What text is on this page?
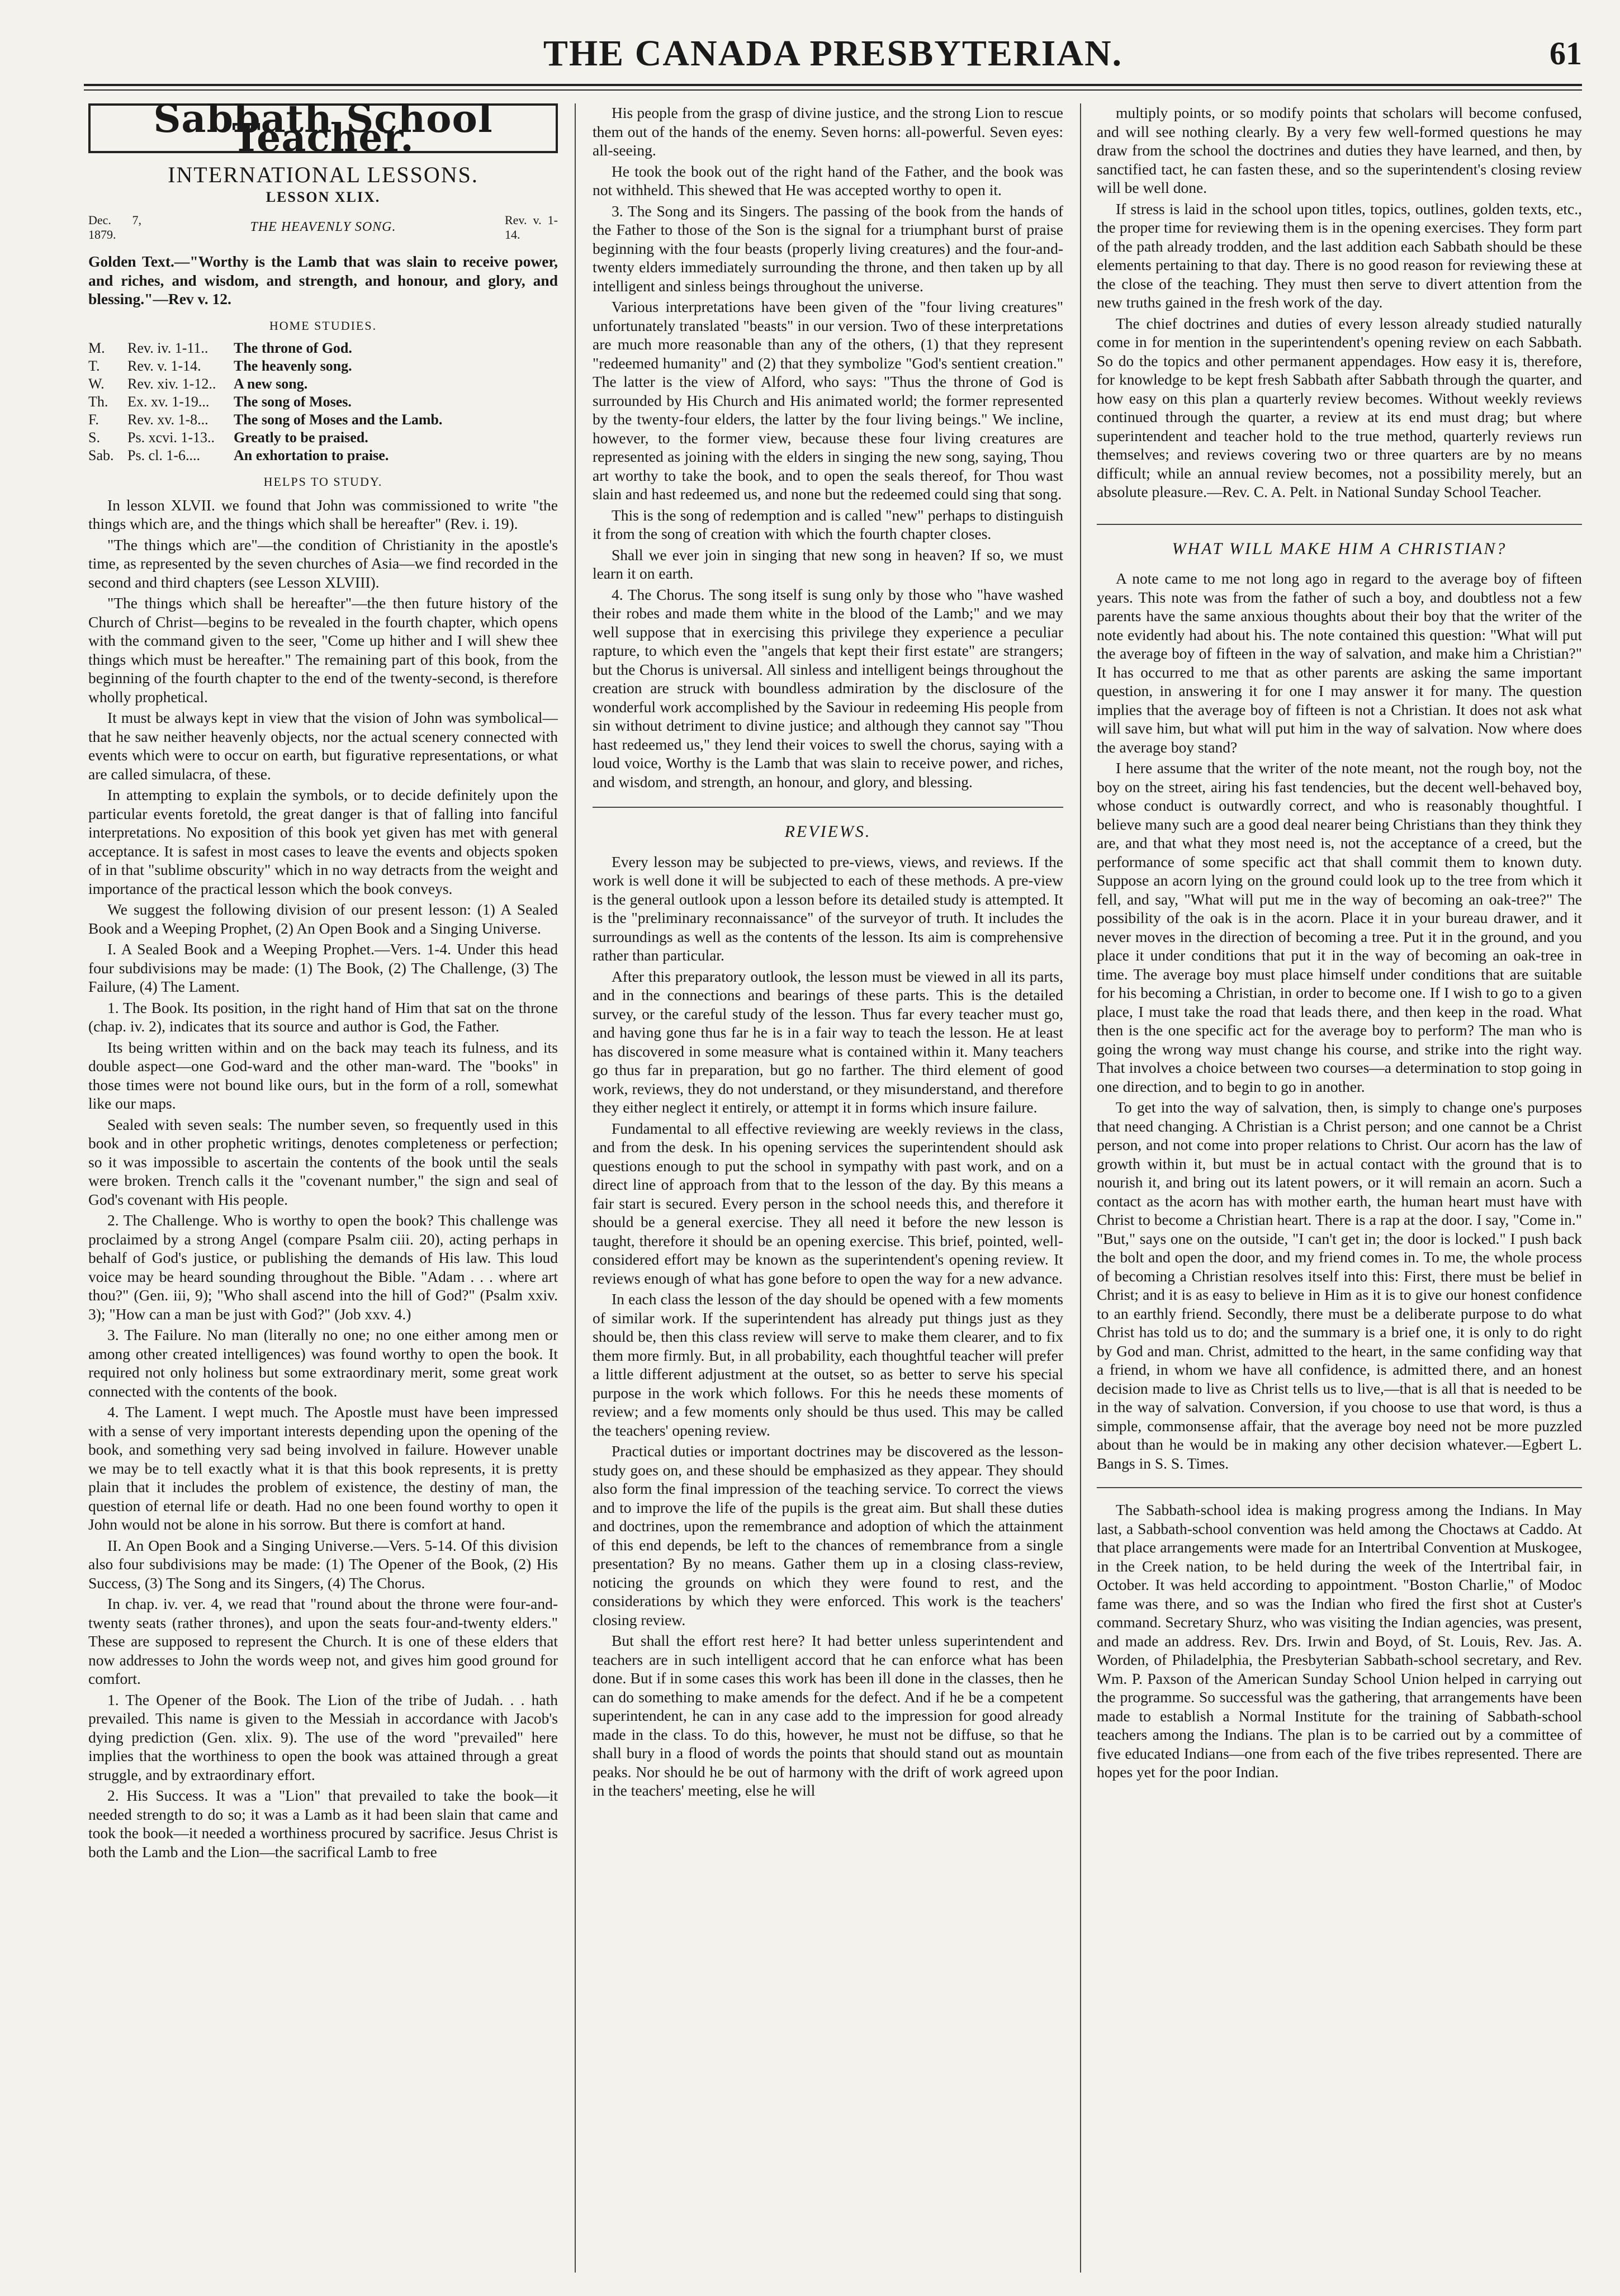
THE CANADA PRESBYTERIAN.	61
Sabbath School Teacher.
INTERNATIONAL LESSONS.
LESSON XLIX.
Dec. 7, 1879.
THE HEAVENLY SONG.	Rev. v. 1-14.

Golden Text.—"Worthy is the Lamb that was slain to receive power, and riches, and wisdom, and strength, and honour, and glory, and blessing."—Rev v. 12.

HOME STUDIES.
M.	Rev. iv. 1-11..	The throne of God.
T.	Rev. v. 1-14.	The heavenly song.
W.	Rev. xiv. 1-12..	A new song.
Th.	Ex. xv. 1-19...	The song of Moses.
F.	Rev. xv. 1-8...	The song of Moses and the Lamb.
S.	Ps. xcvi. 1-13..	Greatly to be praised.
Sab.	Ps. cl. 1-6....	An exhortation to praise.
HELPS TO STUDY.

In lesson XLVII. we found that John was commissioned to write "the things which are, and the things which shall be hereafter" (Rev. i. 19).

"The things which are"—the condition of Christianity in the apostle's time, as represented by the seven churches of Asia—we find recorded in the second and third chapters (see Lesson XLVIII).

"The things which shall be hereafter"—the then future history of the Church of Christ—begins to be revealed in the fourth chapter, which opens with the command given to the seer, "Come up hither and I will shew thee things which must be hereafter." The remaining part of this book, from the beginning of the fourth chapter to the end of the twenty-second, is therefore wholly prophetical.

It must be always kept in view that the vision of John was symbolical—that he saw neither heavenly objects, nor the actual scenery connected with events which were to occur on earth, but figurative representations, or what are called simulacra, of these.

In attempting to explain the symbols, or to decide definitely upon the particular events foretold, the great danger is that of falling into fanciful interpretations. No exposition of this book yet given has met with general acceptance. It is safest in most cases to leave the events and objects spoken of in that "sublime obscurity" which in no way detracts from the weight and importance of the practical lesson which the book conveys.

We suggest the following division of our present lesson: (1) A Sealed Book and a Weeping Prophet, (2) An Open Book and a Singing Universe.

I. A Sealed Book and a Weeping Prophet.—Vers. 1-4. Under this head four subdivisions may be made: (1) The Book, (2) The Challenge, (3) The Failure, (4) The Lament.

1. The Book. Its position, in the right hand of Him that sat on the throne (chap. iv. 2), indicates that its source and author is God, the Father.

Its being written within and on the back may teach its fulness, and its double aspect—one God-ward and the other man-ward. The "books" in those times were not bound like ours, but in the form of a roll, somewhat like our maps.

Sealed with seven seals: The number seven, so frequently used in this book and in other prophetic writings, denotes completeness or perfection; so it was impossible to ascertain the contents of the book until the seals were broken. Trench calls it the "covenant number," the sign and seal of God's covenant with His people.

2. The Challenge. Who is worthy to open the book? This challenge was proclaimed by a strong Angel (compare Psalm ciii. 20), acting perhaps in behalf of God's justice, or publishing the demands of His law. This loud voice may be heard sounding throughout the Bible. "Adam . . . where art thou?" (Gen. iii, 9); "Who shall ascend into the hill of God?" (Psalm xxiv. 3); "How can a man be just with God?" (Job xxv. 4.)

3. The Failure. No man (literally no one; no one either among men or among other created intelligences) was found worthy to open the book. It required not only holiness but some extraordinary merit, some great work connected with the contents of the book.

4. The Lament. I wept much. The Apostle must have been impressed with a sense of very important interests depending upon the opening of the book, and something very sad being involved in failure. However unable we may be to tell exactly what it is that this book represents, it is pretty plain that it includes the problem of existence, the destiny of man, the question of eternal life or death. Had no one been found worthy to open it John would not be alone in his sorrow. But there is comfort at hand.

II. An Open Book and a Singing Universe.—Vers. 5-14. Of this division also four subdivisions may be made: (1) The Opener of the Book, (2) His Success, (3) The Song and its Singers, (4) The Chorus.

In chap. iv. ver. 4, we read that "round about the throne were four-and-twenty seats (rather thrones), and upon the seats four-and-twenty elders." These are supposed to represent the Church. It is one of these elders that now addresses to John the words weep not, and gives him good ground for comfort.

1. The Opener of the Book. The Lion of the tribe of Judah. . . hath prevailed. This name is given to the Messiah in accordance with Jacob's dying prediction (Gen. xlix. 9). The use of the word "prevailed" here implies that the worthiness to open the book was attained through a great struggle, and by extraordinary effort.

2. His Success. It was a "Lion" that prevailed to take the book—it needed strength to do so; it was a Lamb as it had been slain that came and took the book—it needed a worthiness procured by sacrifice. Jesus Christ is both the Lamb and the Lion—the sacrifical Lamb to free

His people from the grasp of divine justice, and the strong Lion to rescue them out of the hands of the enemy. Seven horns: all-powerful. Seven eyes: all-seeing.

He took the book out of the right hand of the Father, and the book was not withheld. This shewed that He was accepted worthy to open it.

3. The Song and its Singers. The passing of the book from the hands of the Father to those of the Son is the signal for a triumphant burst of praise beginning with the four beasts (properly living creatures) and the four-and-twenty elders immediately surrounding the throne, and then taken up by all intelligent and sinless beings throughout the universe.

Various interpretations have been given of the "four living creatures" unfortunately translated "beasts" in our version. Two of these interpretations are much more reasonable than any of the others, (1) that they represent "redeemed humanity" and (2) that they symbolize "God's sentient creation." The latter is the view of Alford, who says: "Thus the throne of God is surrounded by His Church and His animated world; the former represented by the twenty-four elders, the latter by the four living beings." We incline, however, to the former view, because these four living creatures are represented as joining with the elders in singing the new song, saying, Thou art worthy to take the book, and to open the seals thereof, for Thou wast slain and hast redeemed us, and none but the redeemed could sing that song.

This is the song of redemption and is called "new" perhaps to distinguish it from the song of creation with which the fourth chapter closes.

Shall we ever join in singing that new song in heaven? If so, we must learn it on earth.

4. The Chorus. The song itself is sung only by those who "have washed their robes and made them white in the blood of the Lamb;" and we may well suppose that in exercising this privilege they experience a peculiar rapture, to which even the "angels that kept their first estate" are strangers; but the Chorus is universal. All sinless and intelligent beings throughout the creation are struck with boundless admiration by the disclosure of the wonderful work accomplished by the Saviour in redeeming His people from sin without detriment to divine justice; and although they cannot say "Thou hast redeemed us," they lend their voices to swell the chorus, saying with a loud voice, Worthy is the Lamb that was slain to receive power, and riches, and wisdom, and strength, an honour, and glory, and blessing.

REVIEWS.

Every lesson may be subjected to pre-views, views, and reviews. If the work is well done it will be subjected to each of these methods. A pre-view is the general outlook upon a lesson before its detailed study is attempted. It is the "preliminary reconnaissance" of the surveyor of truth. It includes the surroundings as well as the contents of the lesson. Its aim is comprehensive rather than particular.

After this preparatory outlook, the lesson must be viewed in all its parts, and in the connections and bearings of these parts. This is the detailed survey, or the careful study of the lesson. Thus far every teacher must go, and having gone thus far he is in a fair way to teach the lesson. He at least has discovered in some measure what is contained within it. Many teachers go thus far in preparation, but go no farther. The third element of good work, reviews, they do not understand, or they misunderstand, and therefore they either neglect it entirely, or attempt it in forms which insure failure.

Fundamental to all effective reviewing are weekly reviews in the class, and from the desk. In his opening services the superintendent should ask questions enough to put the school in sympathy with past work, and on a direct line of approach from that to the lesson of the day. By this means a fair start is secured. Every person in the school needs this, and therefore it should be a general exercise. They all need it before the new lesson is taught, therefore it should be an opening exercise. This brief, pointed, well-considered effort may be known as the superintendent's opening review. It reviews enough of what has gone before to open the way for a new advance.

In each class the lesson of the day should be opened with a few moments of similar work. If the superintendent has already put things just as they should be, then this class review will serve to make them clearer, and to fix them more firmly. But, in all probability, each thoughtful teacher will prefer a little different adjustment at the outset, so as better to serve his special purpose in the work which follows. For this he needs these moments of review; and a few moments only should be thus used. This may be called the teachers' opening review.

Practical duties or important doctrines may be discovered as the lesson-study goes on, and these should be emphasized as they appear. They should also form the final impression of the teaching service. To correct the views and to improve the life of the pupils is the great aim. But shall these duties and doctrines, upon the remembrance and adoption of which the attainment of this end depends, be left to the chances of remembrance from a single presentation? By no means. Gather them up in a closing class-review, noticing the grounds on which they were found to rest, and the considerations by which they were enforced. This work is the teachers' closing review.

But shall the effort rest here? It had better unless superintendent and teachers are in such intelligent accord that he can enforce what has been done. But if in some cases this work has been ill done in the classes, then he can do something to make amends for the defect. And if he be a competent superintendent, he can in any case add to the impression for good already made in the class. To do this, however, he must not be diffuse, so that he shall bury in a flood of words the points that should stand out as mountain peaks. Nor should he be out of harmony with the drift of work agreed upon in the teachers' meeting, else he will

multiply points, or so modify points that scholars will become confused, and will see nothing clearly. By a very few well-formed questions he may draw from the school the doctrines and duties they have learned, and then, by sanctified tact, he can fasten these, and so the superintendent's closing review will be well done.

If stress is laid in the school upon titles, topics, outlines, golden texts, etc., the proper time for reviewing them is in the opening exercises. They form part of the path already trodden, and the last addition each Sabbath should be these elements pertaining to that day. There is no good reason for reviewing these at the close of the teaching. They must then serve to divert attention from the new truths gained in the fresh work of the day.

The chief doctrines and duties of every lesson already studied naturally come in for mention in the superintendent's opening review on each Sabbath. So do the topics and other permanent appendages. How easy it is, therefore, for knowledge to be kept fresh Sabbath after Sabbath through the quarter, and how easy on this plan a quarterly review becomes. Without weekly reviews continued through the quarter, a review at its end must drag; but where superintendent and teacher hold to the true method, quarterly reviews run themselves; and reviews covering two or three quarters are by no means difficult; while an annual review becomes, not a possibility merely, but an absolute pleasure.—Rev. C. A. Pelt. in National Sunday School Teacher.

WHAT WILL MAKE HIM A CHRISTIAN?

A note came to me not long ago in regard to the average boy of fifteen years. This note was from the father of such a boy, and doubtless not a few parents have the same anxious thoughts about their boy that the writer of the note evidently had about his. The note contained this question: "What will put the average boy of fifteen in the way of salvation, and make him a Christian?" It has occurred to me that as other parents are asking the same important question, in answering it for one I may answer it for many. The question implies that the average boy of fifteen is not a Christian. It does not ask what will save him, but what will put him in the way of salvation. Now where does the average boy stand?

I here assume that the writer of the note meant, not the rough boy, not the boy on the street, airing his fast tendencies, but the decent well-behaved boy, whose conduct is outwardly correct, and who is reasonably thoughtful. I believe many such are a good deal nearer being Christians than they think they are, and that what they most need is, not the acceptance of a creed, but the performance of some specific act that shall commit them to known duty. Suppose an acorn lying on the ground could look up to the tree from which it fell, and say, "What will put me in the way of becoming an oak-tree?" The possibility of the oak is in the acorn. Place it in your bureau drawer, and it never moves in the direction of becoming a tree. Put it in the ground, and you place it under conditions that put it in the way of becoming an oak-tree in time. The average boy must place himself under conditions that are suitable for his becoming a Christian, in order to become one. If I wish to go to a given place, I must take the road that leads there, and then keep in the road. What then is the one specific act for the average boy to perform? The man who is going the wrong way must change his course, and strike into the right way. That involves a choice between two courses—a determination to stop going in one direction, and to begin to go in another.

To get into the way of salvation, then, is simply to change one's purposes that need changing. A Christian is a Christ person; and one cannot be a Christ person, and not come into proper relations to Christ. Our acorn has the law of growth within it, but must be in actual contact with the ground that is to nourish it, and bring out its latent powers, or it will remain an acorn. Such a contact as the acorn has with mother earth, the human heart must have with Christ to become a Christian heart. There is a rap at the door. I say, "Come in." "But," says one on the outside, "I can't get in; the door is locked." I push back the bolt and open the door, and my friend comes in. To me, the whole process of becoming a Christian resolves itself into this: First, there must be belief in Christ; and it is as easy to believe in Him as it is to give our honest confidence to an earthly friend. Secondly, there must be a deliberate purpose to do what Christ has told us to do; and the summary is a brief one, it is only to do right by God and man. Christ, admitted to the heart, in the same confiding way that a friend, in whom we have all confidence, is admitted there, and an honest decision made to live as Christ tells us to live,—that is all that is needed to be in the way of salvation. Conversion, if you choose to use that word, is thus a simple, commonsense affair, that the average boy need not be more puzzled about than he would be in making any other decision whatever.—Egbert L. Bangs in S. S. Times.

The Sabbath-school idea is making progress among the Indians. In May last, a Sabbath-school convention was held among the Choctaws at Caddo. At that place arrangements were made for an Intertribal Convention at Muskogee, in the Creek nation, to be held during the week of the Intertribal fair, in October. It was held according to appointment. "Boston Charlie," of Modoc fame was there, and so was the Indian who fired the first shot at Custer's command. Secretary Shurz, who was visiting the Indian agencies, was present, and made an address. Rev. Drs. Irwin and Boyd, of St. Louis, Rev. Jas. A. Worden, of Philadelphia, the Presbyterian Sabbath-school secretary, and Rev. Wm. P. Paxson of the American Sunday School Union helped in carrying out the programme. So successful was the gathering, that arrangements have been made to establish a Normal Institute for the training of Sabbath-school teachers among the Indians. The plan is to be carried out by a committee of five educated Indians—one from each of the five tribes represented. There are hopes yet for the poor Indian.
